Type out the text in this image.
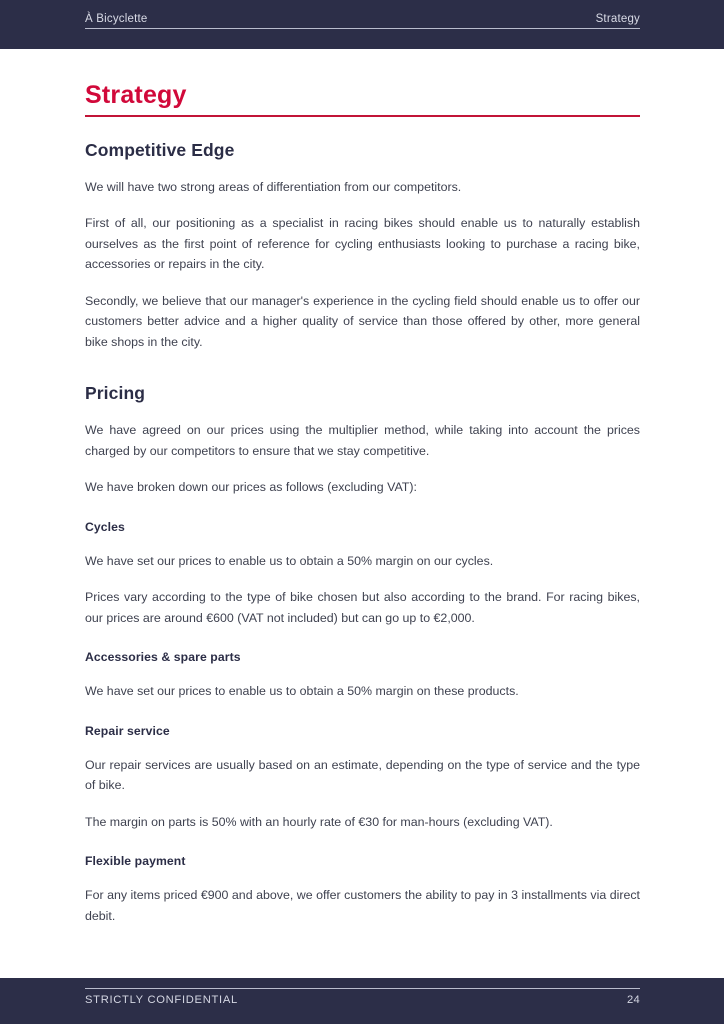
À Bicyclette	Strategy
Strategy
Competitive Edge

We will have two strong areas of differentiation from our competitors.

First of all, our positioning as a specialist in racing bikes should enable us to naturally establish ourselves as the first point of reference for cycling enthusiasts looking to purchase a racing bike, accessories or repairs in the city.

Secondly, we believe that our manager's experience in the cycling field should enable us to offer our customers better advice and a higher quality of service than those offered by other, more general bike shops in the city.

Pricing

We have agreed on our prices using the multiplier method, while taking into account the prices charged by our competitors to ensure that we stay competitive.

We have broken down our prices as follows (excluding VAT):

Cycles

We have set our prices to enable us to obtain a 50% margin on our cycles.

Prices vary according to the type of bike chosen but also according to the brand. For racing bikes, our prices are around €600 (VAT not included) but can go up to €2,000.

Accessories & spare parts

We have set our prices to enable us to obtain a 50% margin on these products.

Repair service

Our repair services are usually based on an estimate, depending on the type of service and the type of bike.

The margin on parts is 50% with an hourly rate of €30 for man-hours (excluding VAT).

Flexible payment

For any items priced €900 and above, we offer customers the ability to pay in 3 installments via direct debit.

STRICTLY CONFIDENTIAL	24
